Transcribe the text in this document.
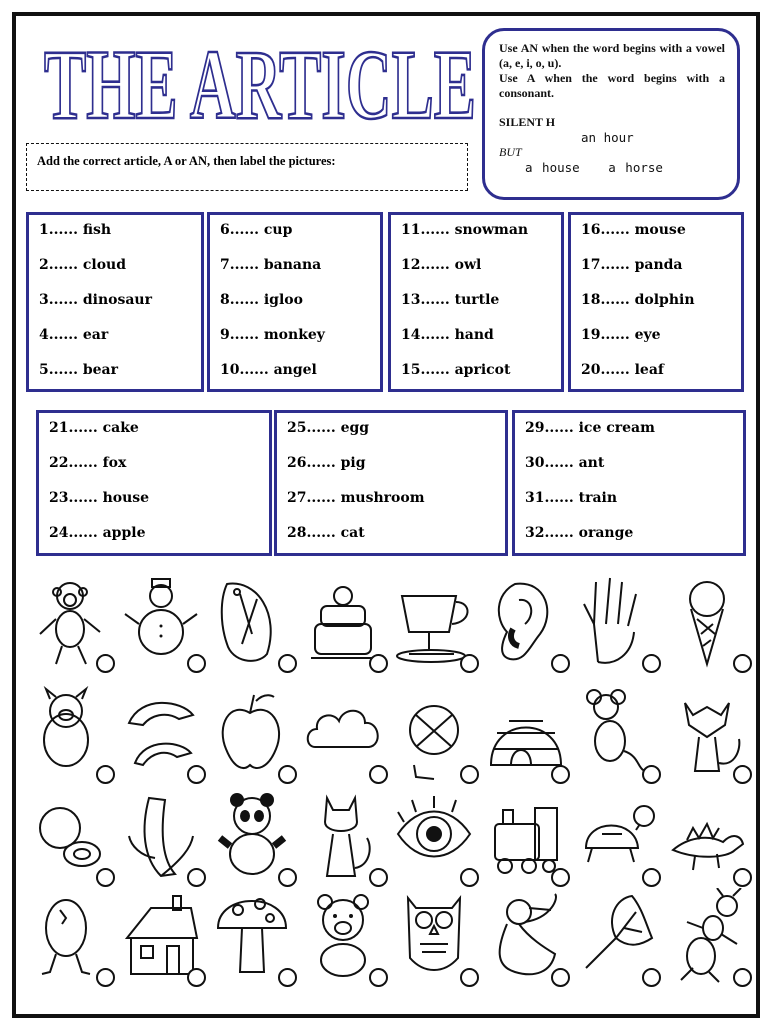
THE ARTICLE Use AN when the word begins with a vowel (a, e, i, o, u).

Use A when the word begins with a consonant.

SILENT H

an hour

BUT

a house   a horse

Add the correct article, A or AN, then label the pictures:
1...... fish
2...... cloud
3...... dinosaur
4...... ear
5...... bear
6...... cup
7...... banana
8...... igloo
9...... monkey
10...... angel
11...... snowman
12...... owl
13...... turtle
14...... hand
15...... apricot
16...... mouse
17...... panda
18...... dolphin
19...... eye
20...... leaf
21...... cake
22...... fox
23...... house
24...... apple
25...... egg
26...... pig
27...... mushroom
28...... cat
29...... ice cream
30...... ant
31...... train
32...... orange
